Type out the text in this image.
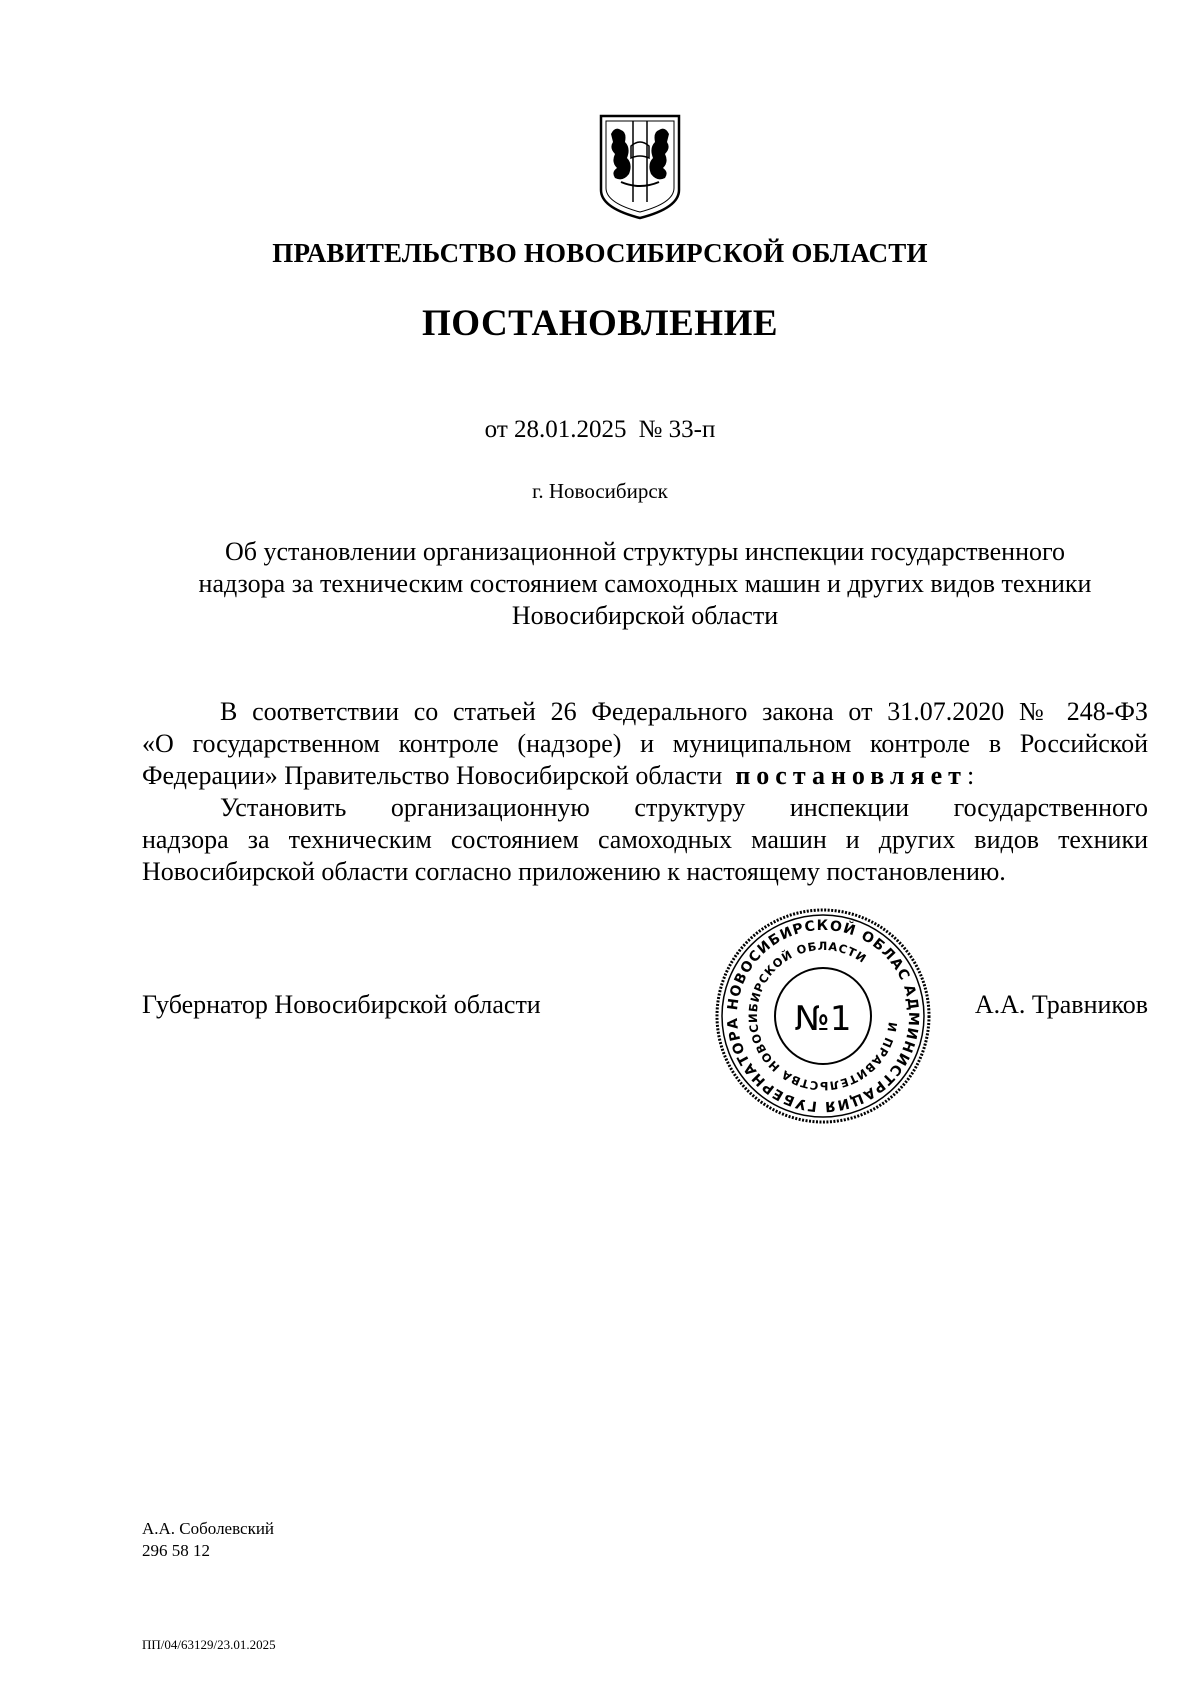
ПРАВИТЕЛЬСТВО НОВОСИБИРСКОЙ ОБЛАСТИ
ПОСТАНОВЛЕНИЕ
от 28.01.2025 № 33-п
г. Новосибирск
Об установлении организационной структуры инспекции государственного
надзора за техническим состоянием самоходных машин и других видов техники
Новосибирской области
В соответствии со статьей 26 Федерального закона от 31.07.2020 № 248-ФЗ
«О государственном контроле (надзоре) и муниципальном контроле в Российской
Федерации» Правительство Новосибирской области постановляет:
Установить организационную структуру инспекции государственного
надзора за техническим состоянием самоходных машин и других видов техники
Новосибирской области согласно приложению к настоящему постановлению.
Губернатор Новосибирской области	АДМИНИСТРАЦИЯ ГУБЕРНАТОРА НОВОСИБИРСКОЙ ОБЛАСТИ
И ПРАВИТЕЛЬСТВА НОВОСИБИРСКОЙ ОБЛАСТИ
№1	А.А. Травников
А.А. Соболевский
296 58 12
ПП/04/63129/23.01.2025
